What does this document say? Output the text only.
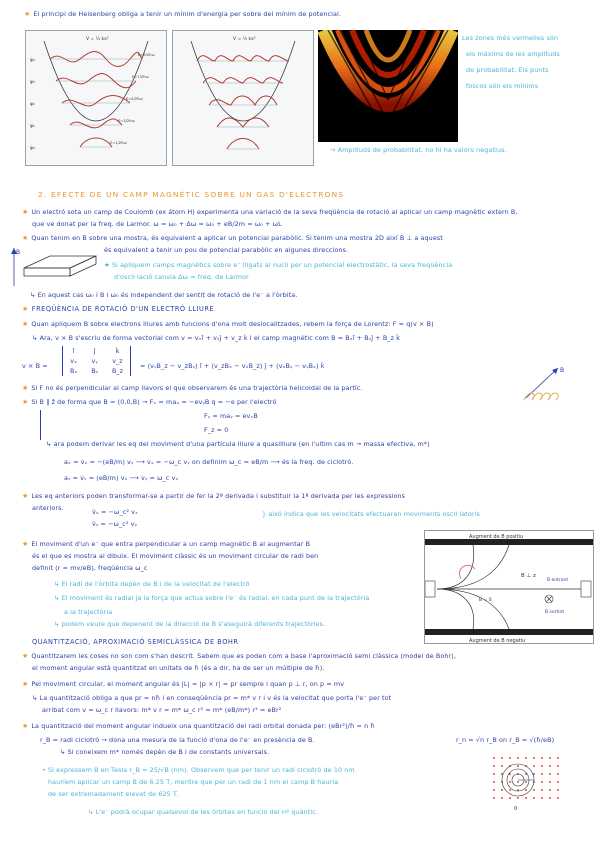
★ El principi de Heisenberg obliga a tenir un mínim d'energia per sobre del mínim de potencial.
V = ½ kx²
ψ₄
ψ₃
ψ₂
ψ₁
ψ₀
E=9/2ħω
E=7/2ħω
E=5/2ħω
E=3/2ħω
E=1/2ħω
V = ½ kx²	Les zones més vermelles són
els màxims de les amplituds
de probabilitat. Els punts
foscos són els mínims
→ Amplituds de probabilitat, no hi ha valors negatius.
2. EFECTE DE UN CAMP MAGNÈTIC SOBRE UN GAS D'ELECTRONS
★ Un electró sota un camp de Coulomb (ex átom H) experimenta una variació de la seva freqüència de rotació al aplicar un camp magnètic extern B,
que ve donat per la freq. de Larmor. ω = ω₀ + Δω = ω₀ + eB/2m = ω₀ + ωL
★ Quan tenim en B sobre una mostra, és equivalent a aplicar un potencial parabòlic. Si tenim una mostra 2D així B ⊥ a aquest
B	és equivalent a tenir un pou de potencial parabòlic en algunes direccions.
★ Si apliquem camps magnètics sobre e⁻ lligats al nucli per un potencial electrostàtic, la seva freqüència
d'oscil·lació canvia Δω = freq. de Larmor
↳ En aquest cas ω₀ i B i ω₀ és independent del sentit de rotació de l'e⁻ a l'òrbita.
★ FREQÜÈNCIA DE ROTACIÓ D'UN ELECTRÓ LLIURE
★ Quan apliquem B sobre electrons lliures amb funcions d'ona molt deslocalitzades, rebem la força de Lorentz: F = q(v × B)
↳ Ara, v × B s'escriu de forma vectorial com v = vₓî + vᵧĵ + v_z k̂ i el camp magnètic com B = Bₓî + Bᵧĵ + B_z k̂
v × B =
î	ĵ	k̂
vₓ	vᵧ	v_z
Bₓ	Bᵧ	B_z
= (vᵧB_z − v_zBᵧ) î + (v_zBₓ − vₓB_z) ĵ + (vₓBᵧ − vᵧBₓ) k̂
★ Si F no és perpendicular al camp llavors el que observarem és una trajectòria helicoidal de la partíc.
B
★ Si B ∥ ẑ de forma que B = (0,0,B) → Fₓ = maₓ = −evᵧB q = −e per l'electró
Fᵧ = maᵧ = evₓB
F_z = 0
↳ ara podem derivar les eq del moviment d'una partícula lliure a quasilliure (en l'ultim cas m → massa efectiva, m*)
aₓ = v̇ₓ = −(eB/m) vᵧ ⟶ v̇ₓ = −ω_c vᵧ on definim ω_c = eB/m ⟶ és la freq. de ciclotró.
aᵧ = v̇ᵧ = (eB/m) vₓ ⟶ v̇ᵧ = ω_c vₓ
★ Les eq anteriors poden transformar-se a partir de fer la 2ª derivada i substituir la 1ª derivada per les expressions
anteriors.	v̈ₓ = −ω_c² vₓ
v̈ᵧ = −ω_c² vᵧ
} aixó indica que les velocitats efectuaran moviments oscil·latoris
★ El moviment d'un e⁻ que entra perpendicular a un camp magnètic B al augmentar B
és el que es mostra al dibuix. El moviment clàssic és un moviment circular de radi ben
definit (r = mv/eB), freqüència ω_c
↳ El radi de l'òrbita depèn de B i de la velocitat de l'electró
↳ El moviment és radial ja la força que actua sobre l'e⁻ és radial, en cada punt de la trajectòria
a la trajectòria
↳ podem veure que depenent de la direcció de B s'aseguirà diferents trajectòries.
Augment de B positiu
Augment de B negatiu
B ⊥ z
B = 0
B entrant
B sortint
QUANTITZACIÓ, APROXIMACIÓ SEMICLÀSSICA DE BOHR
★ Quantitzarem les coses no son com s'han descrit. Sabem que es poden com a base l'aproximació semi clàssica (model de Bohr),
el moment angular està quantitzat en unitats de ħ (és a dir, ha de ser un múltiple de ħ).
★ Pel moviment circular, el moment angular és |L| = |p × r| = pr sempre i quan p ⊥ r, on p = mv
↳ La quantització obliga a que pr = nħ i en conseqüència pr = m* v r i v és la velocitat que porta l'e⁻ per tot
arribat com v = ω_c r llavors: m* v r = m* ω_c r² = m* (eB/m*) r² = eBr²
★ La quantització del moment angular indueix una quantització del radi orbital donada per: (eBr²)/ħ = n ħ
r_B = radi ciclotró → dona una mesura de la funció d'ona de l'e⁻ en presència de B.	r_n = √n r_B on r_B = √(ħ/eB)
↳ Si coneixem m* només depèn de B i de constants universals.
• Si expressem B en Tesla r_B = 25/√B (nm). Observem que per tenir un radi ciclotró de 10 nm
hauríem aplicar un camp B de 6.25 T, mentre que per un radi de 1 nm el camp B hauria
de ser extremadament elevat de 625 T.
↳ L'e⁻ podrà ocupar qualsevol de les òrbites en funció del nº quàntic.	0
